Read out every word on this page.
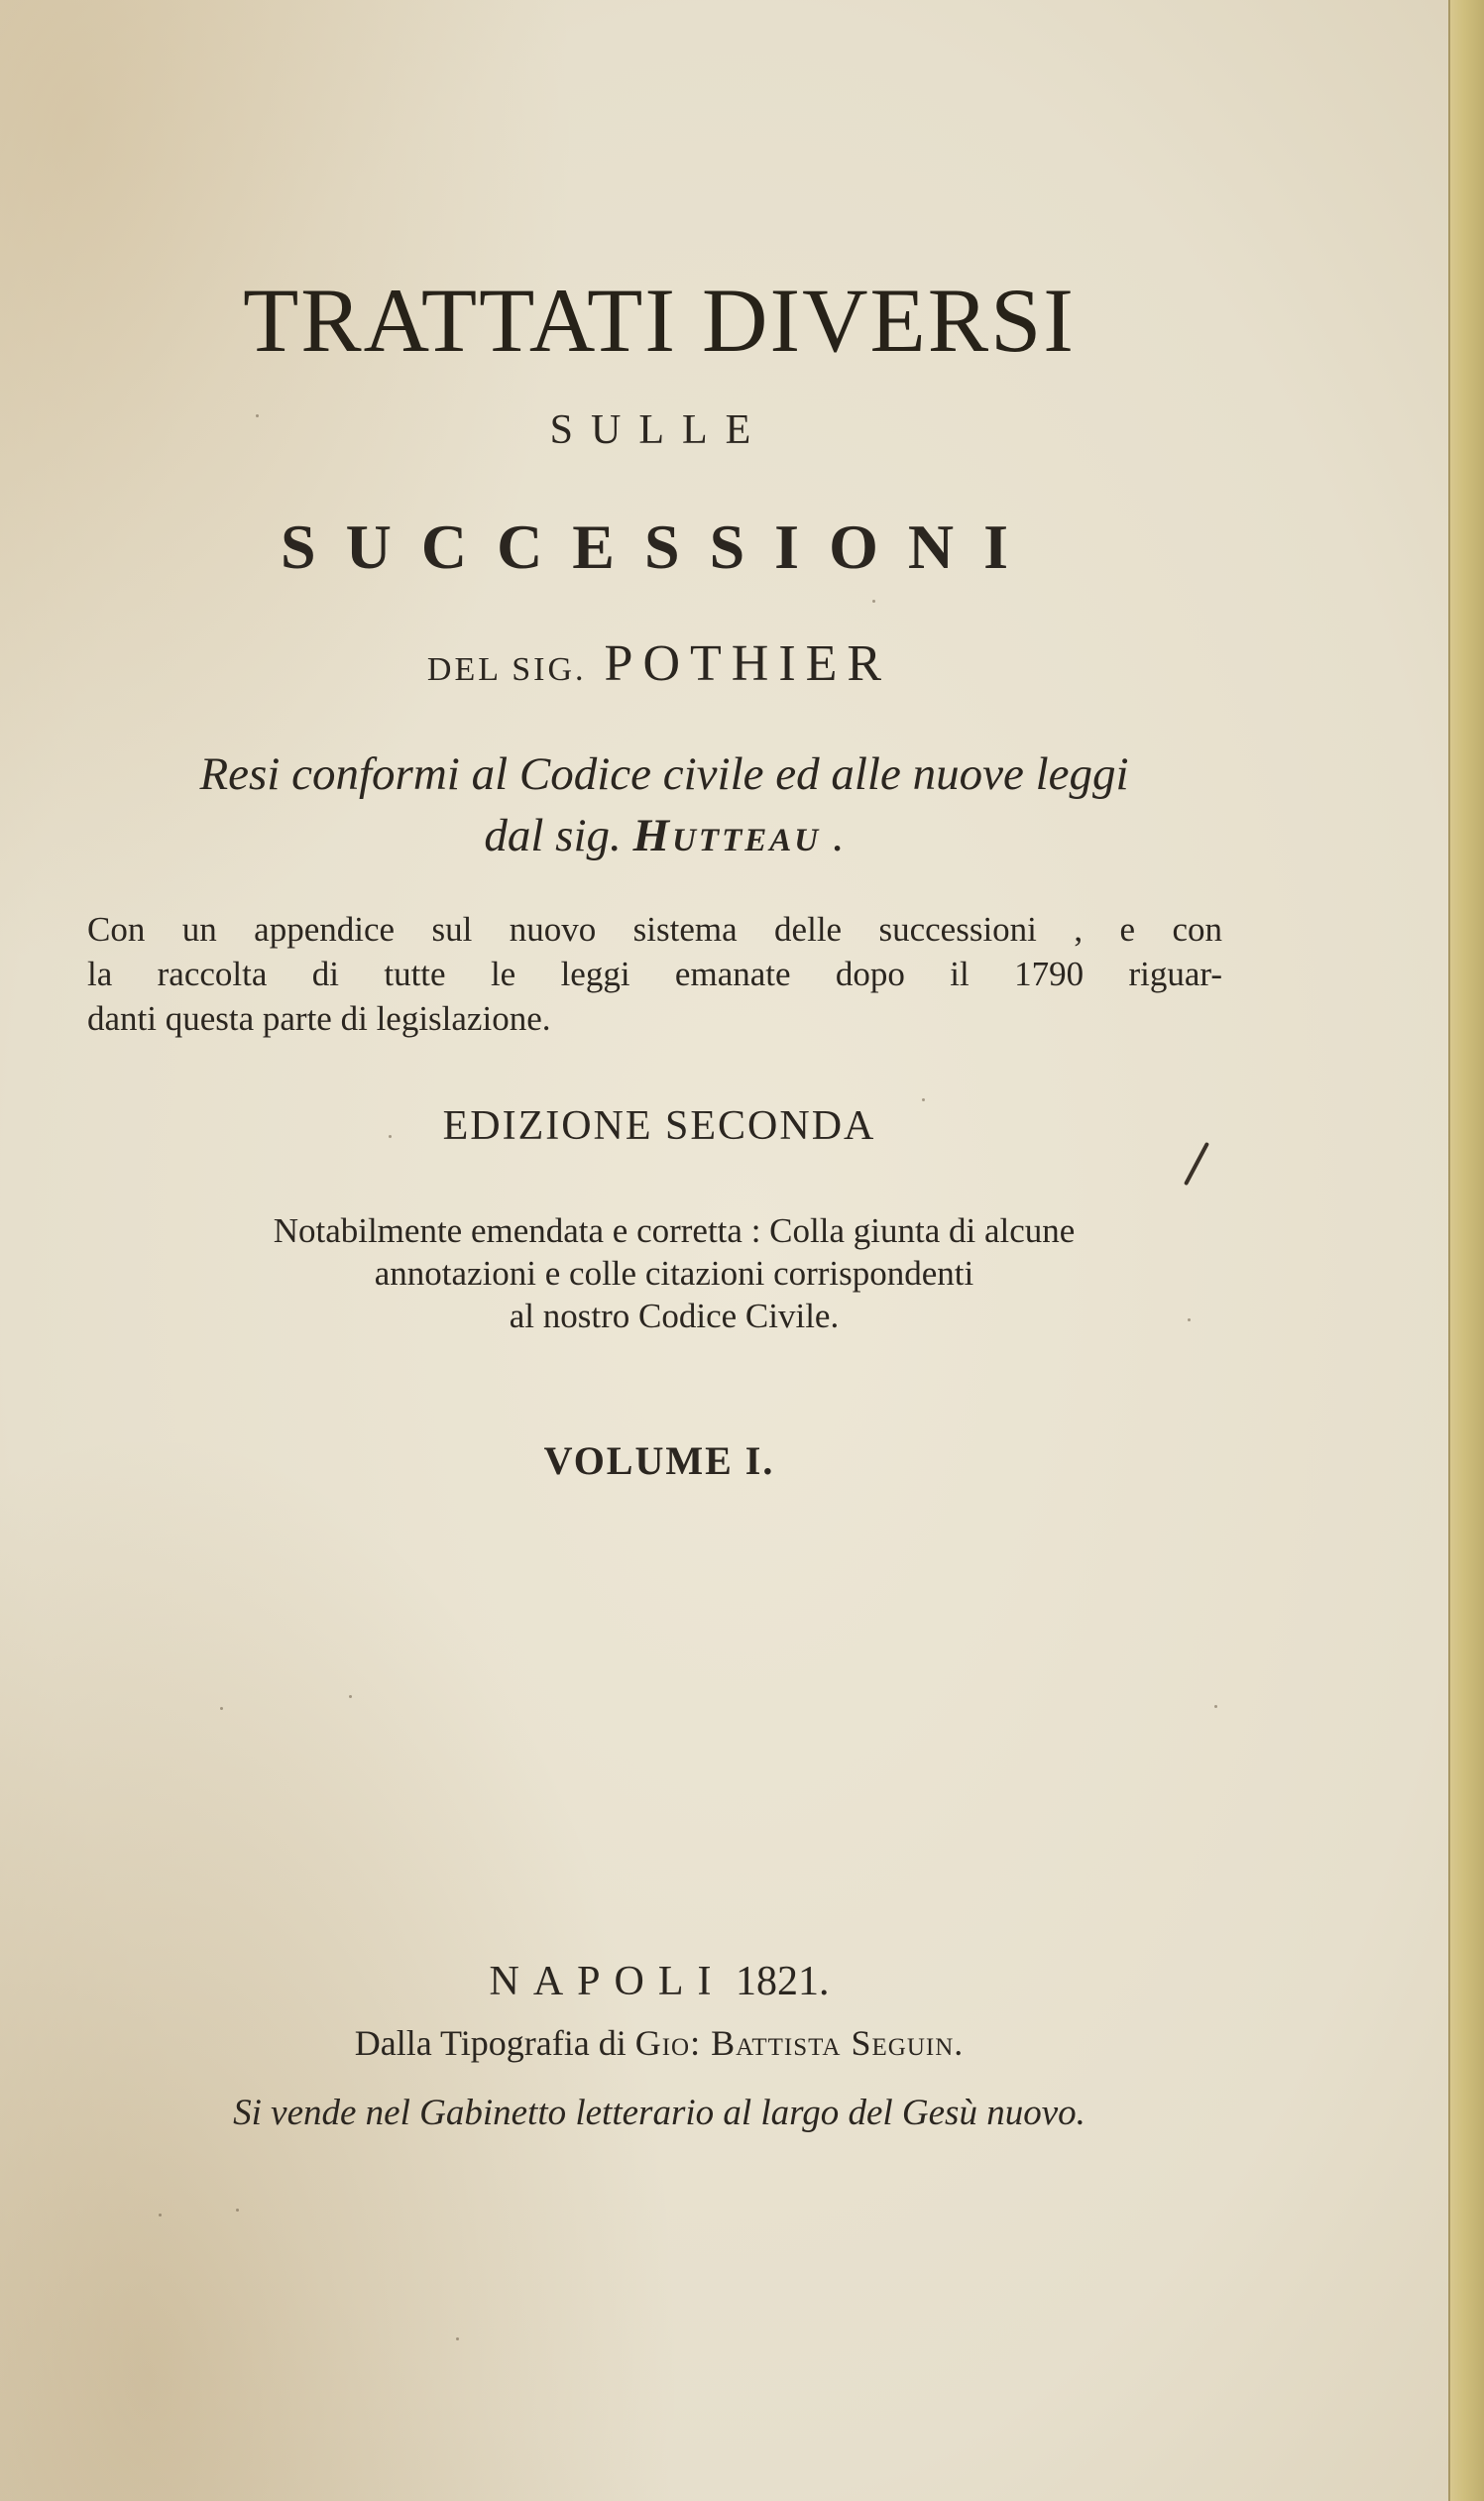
TRATTATI DIVERSI
SULLE
SUCCESSIONI
DEL SIG. POTHIER
Resi conformi al Codice civile ed alle nuove leggi
dal sig. Hutteau .
Con un appendice sul nuovo sistema delle successioni , e con
la raccolta di tutte le leggi emanate dopo il 1790 riguar-
danti questa parte di legislazione.
EDIZIONE SECONDA
Notabilmente emendata e corretta : Colla giunta di alcune
annotazioni e colle citazioni corrispondenti
al nostro Codice Civile.
VOLUME I.
NAPOLI 1821.
Dalla Tipografia di Gio: Battista Seguin.
Si vende nel Gabinetto letterario al largo del Gesù nuovo.
